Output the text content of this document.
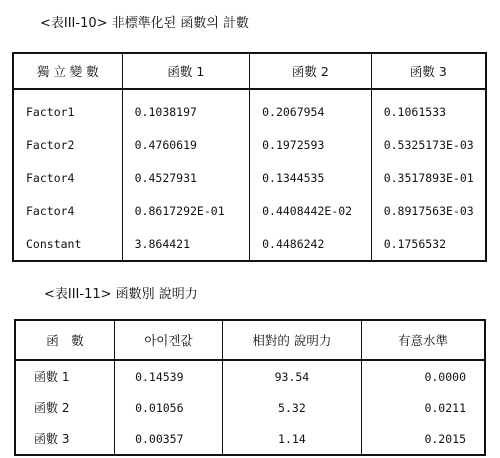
<表III-10> 非標準化된 函數의 計數
獨 立 變 數	函數 1	函數 2	函數 3
Factor1	0.1038197	0.2067954	0.1061533
Factor2	0.4760619	0.1972593	0.5325173E-03
Factor4	0.4527931	0.1344535	0.3517893E-01
Factor4	0.8617292E-01	0.4408442E-02	0.8917563E-03
Constant	3.864421	0.4486242	0.1756532
<表III-11> 函數別 說明力
函　數	아이겐값	相對的 說明力	有意水準
函數 1	0.14539	93.54	0.0000
函數 2	0.01056	5.32	0.0211
函數 3	0.00357	1.14	0.2015
